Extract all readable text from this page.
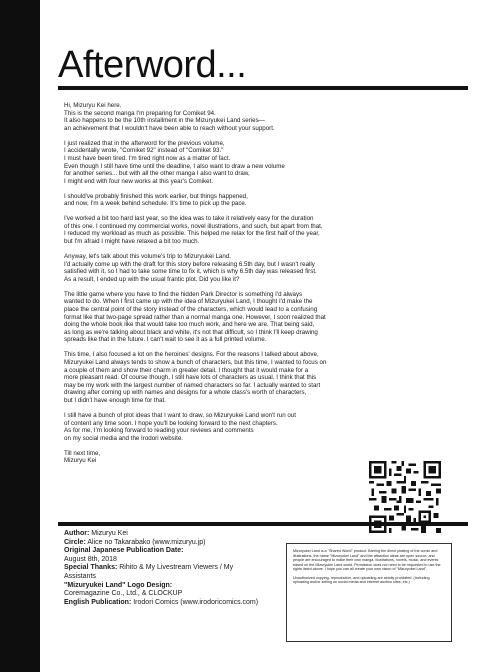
Afterword...

Hi, Mizuryu Kei here.
This is the second manga I'm preparing for Comiket 94.
It also happens to be the 10th installment in the Mizuryukei Land series—
an achievement that I wouldn't have been able to reach without your support.

I just realized that in the afterword for the previous volume,
I accidentally wrote, "Comiket 92" instead of "Comiket 93."
I must have been tired. I'm tired right now as a matter of fact.
Even though I still have time until the deadline, I also want to draw a new volume
for another series... but with all the other manga I also want to draw,
I might end with four new works at this year's Comiket.

I should've probably finished this work earlier, but things happened,
and now, I'm a week behind schedule. It's time to pick up the pace.

I've worked a bit too hard last year, so the idea was to take it relatively easy for the duration
of this one. I continued my commercial works, novel illustrations, and such, but apart from that,
I reduced my workload as much as possible. This helped me relax for the first half of the year,
but I'm afraid I might have relaxed a bit too much.

Anyway, let's talk about this volume's trip to Mizuryukei Land.
I'd actually come up with the draft for this story before releasing 6.5th day, but I wasn't really
satisfied with it, so I had to take some time to fix it, which is why 6.5th day was released first.
As a result, I ended up with the usual frantic plot. Did you like it?

The little game where you have to find the hidden Park Director is something I'd always
wanted to do. When I first came up with the idea of Mizuryukei Land, I thought I'd make the
place the central point of the story instead of the characters, which would lead to a confusing
format like that two-page spread rather than a normal manga one. However, I soon realized that
doing the whole book like that would take too much work, and here we are. That being said,
as long as we're talking about black and white, it's not that difficult, so I think I'll keep drawing
spreads like that in the future. I can't wait to see it as a full printed volume.

This time, I also focused a lot on the heroines' designs. For the reasons I talked about above,
Mizuryukei Land always tends to show a bunch of characters, but this time, I wanted to focus on
a couple of them and show their charm in greater detail. I thought that it would make for a
more pleasant read. Of course though, I still have lots of characters as usual. I think that this
may be my work with the largest number of named characters so far. I actually wanted to start
drawing after coming up with names and designs for a whole class's worth of characters,
but I didn't have enough time for that.

I still have a bunch of plot ideas that I want to draw, so Mizuryukei Land won't run out
of content any time soon. I hope you'll be looking forward to the next chapters.
As for me, I'm looking forward to reading your reviews and comments
on my social media and the Irodori website.

Till next time,
Mizuryu Kei

Author: Mizuryu Kei

Circle: Alice no Takarabako (www.mizuryu.jp)

Original Japanese Publication Date:
August 8th, 2018

Special Thanks: Rihito & My Livestream Viewers / My Assistants

"Mizuryukei Land" Logo Design:
Coremagazine Co., Ltd., & CLOCKUP

English Publication: Irodori Comics (www.irodoricomics.com)

Mizuryukei Land is a "Shared World" product. Barring the direct pirating of the comic and illustrations, the name "Mizuryukei Land" and the attraction ideas are open source, and people are encouraged to make their own manga, illustrations, novels, music, and events based on the Mizuryukei Land world. Permission does not need to be requested to use the rights listed above. I hope you can all create your own vision of "Mizuryukei Land".

Unauthorized copying, reproduction, and uploading are strictly prohibited. (Including uploading and/or selling on social media and internet auction sites, etc.)
